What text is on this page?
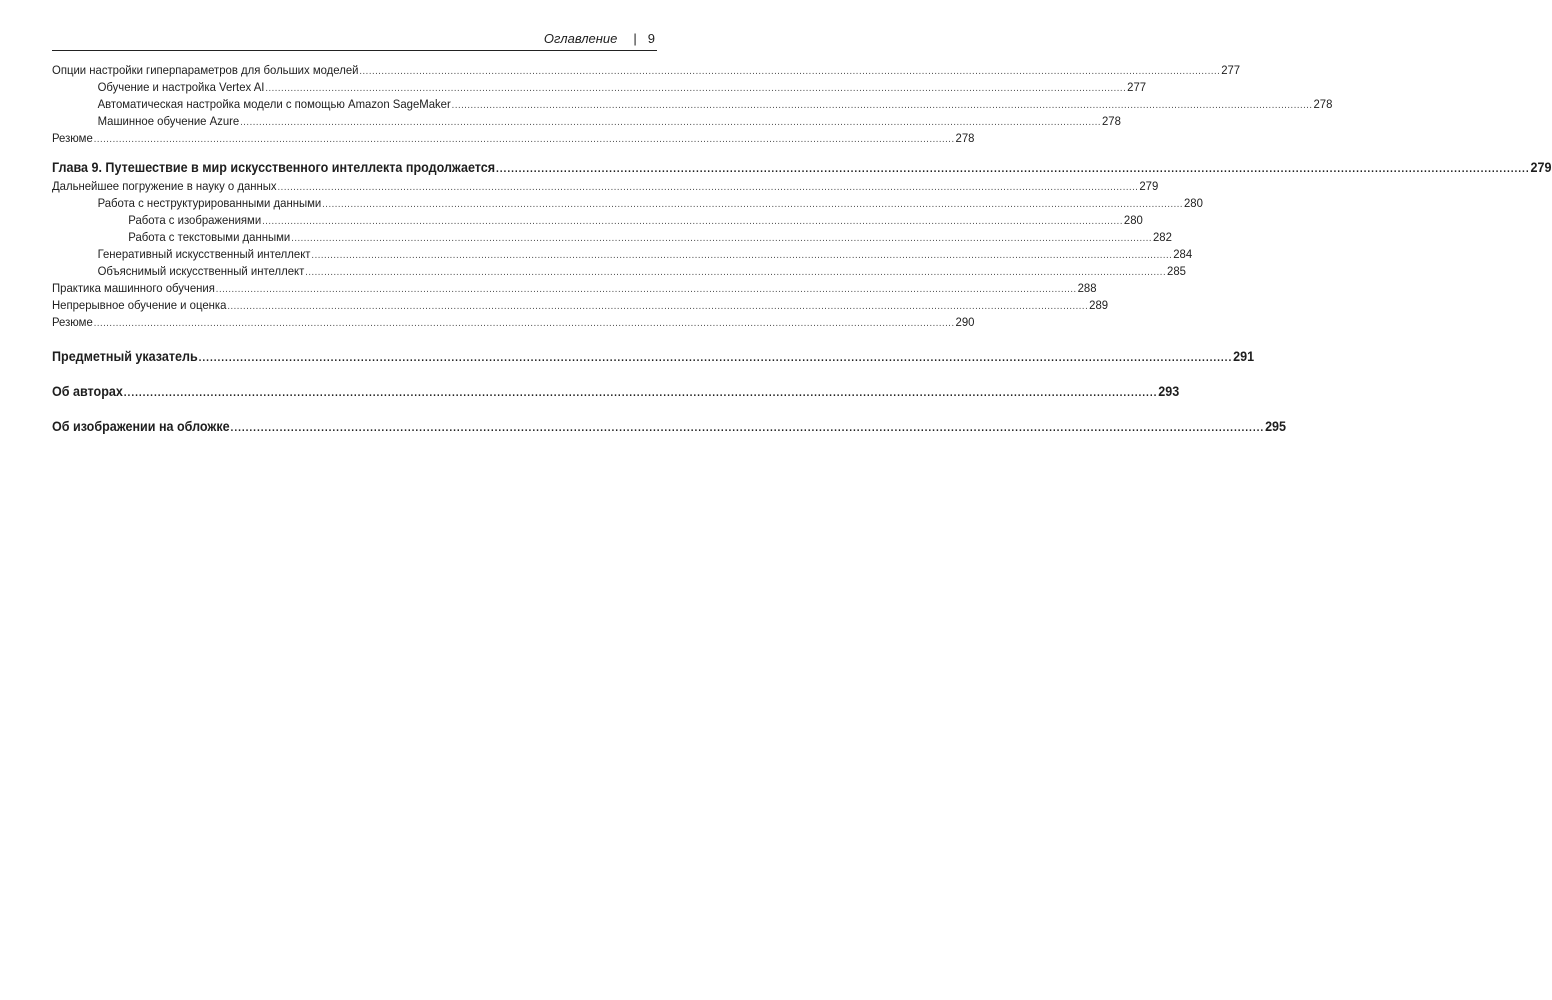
Оглавление | 9
Опции настройки гиперпараметров для больших моделей .....	277
Обучение и настройка Vertex AI .....	277
Автоматическая настройка модели с помощью Amazon SageMaker .....	278
Машинное обучение Azure .....	278
Резюме .....	278
Глава 9. Путешествие в мир искусственного интеллекта продолжается .....	279
Дальнейшее погружение в науку о данных .....	279
Работа с неструктурированными данными .....	280
Работа с изображениями .....	280
Работа с текстовыми данными .....	282
Генеративный искусственный интеллект .....	284
Объяснимый искусственный интеллект .....	285
Практика машинного обучения .....	288
Непрерывное обучение и оценка .....	289
Резюме .....	290
Предметный указатель .....	291
Об авторах .....	293
Об изображении на обложке .....	295
